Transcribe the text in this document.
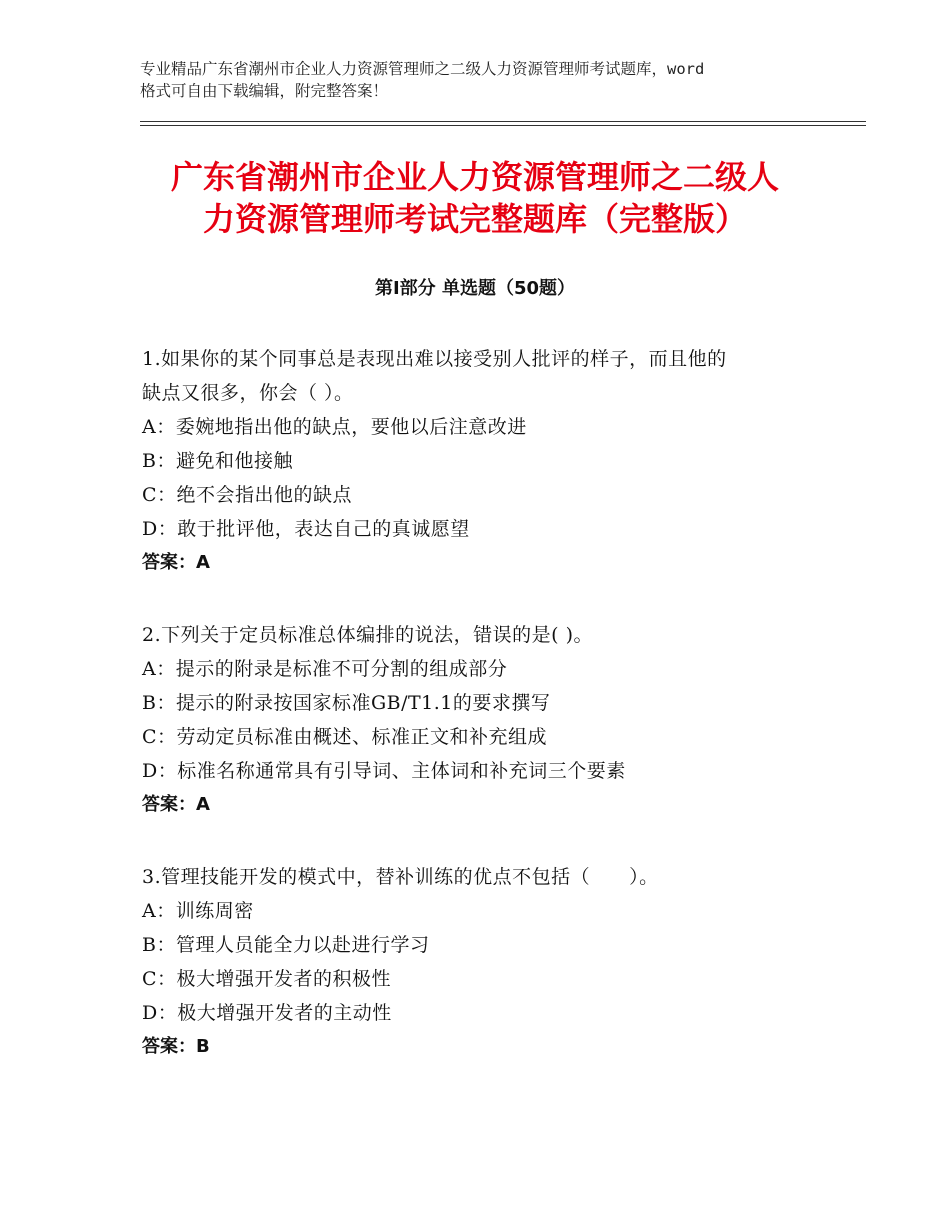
专业精品广东省潮州市企业人力资源管理师之二级人力资源管理师考试题库，word
格式可自由下载编辑，附完整答案！
广东省潮州市企业人力资源管理师之二级人
力资源管理师考试完整题库（完整版）
第Ⅰ部分 单选题（50题）
1.如果你的某个同事总是表现出难以接受别人批评的样子，而且他的
缺点又很多，你会（ ）。
A：委婉地指出他的缺点，要他以后注意改进
B：避免和他接触
C：绝不会指出他的缺点
D：敢于批评他，表达自己的真诚愿望
答案：A
2.下列关于定员标准总体编排的说法，错误的是( )。
A：提示的附录是标准不可分割的组成部分
B：提示的附录按国家标准GB/T1.1的要求撰写
C：劳动定员标准由概述、标准正文和补充组成
D：标准名称通常具有引导词、主体词和补充词三个要素
答案：A
3.管理技能开发的模式中，替补训练的优点不包括（　　）。
A：训练周密
B：管理人员能全力以赴进行学习
C：极大增强开发者的积极性
D：极大增强开发者的主动性
答案：B
